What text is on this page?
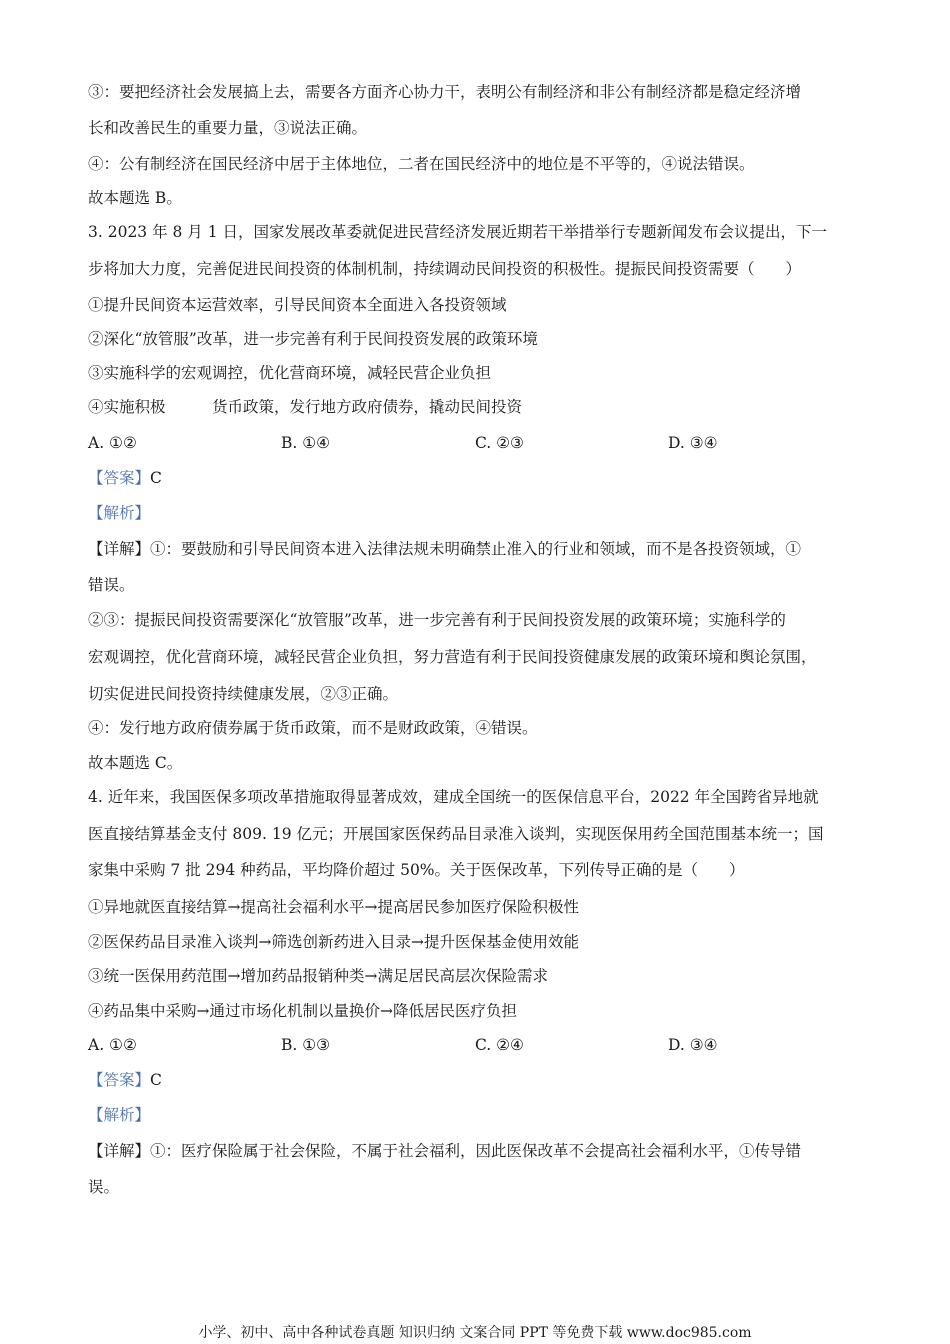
③：要把经济社会发展搞上去，需要各方面齐心协力干，表明公有制经济和非公有制经济都是稳定经济增
长和改善民生的重要力量，③说法正确。
④：公有制经济在国民经济中居于主体地位，二者在国民经济中的地位是不平等的，④说法错误。
故本题选 B。
3. 2023 年 8 月 1 日，国家发展改革委就促进民营经济发展近期若干举措举行专题新闻发布会议提出，下一
步将加大力度，完善促进民间投资的体制机制，持续调动民间投资的积极性。提振民间投资需要（　　）
①提升民间资本运营效率，引导民间资本全面进入各投资领域
②深化“放管服”改革，进一步完善有利于民间投资发展的政策环境
③实施科学的宏观调控，优化营商环境，减轻民营企业负担
④实施积极　　　货币政策，发行地方政府债券，撬动民间投资
A. ①②	B. ①④	C. ②③	D. ③④
【答案】C
【解析】
【详解】①：要鼓励和引导民间资本进入法律法规未明确禁止准入的行业和领域，而不是各投资领域，①
错误。
②③：提振民间投资需要深化“放管服”改革，进一步完善有利于民间投资发展的政策环境；实施科学的
宏观调控，优化营商环境，减轻民营企业负担，努力营造有利于民间投资健康发展的政策环境和舆论氛围，
切实促进民间投资持续健康发展，②③正确。
④：发行地方政府债券属于货币政策，而不是财政政策，④错误。
故本题选 C。
4. 近年来，我国医保多项改革措施取得显著成效，建成全国统一的医保信息平台，2022 年全国跨省异地就
医直接结算基金支付 809. 19 亿元；开展国家医保药品目录准入谈判，实现医保用药全国范围基本统一；国
家集中采购 7 批 294 种药品，平均降价超过 50%。关于医保改革，下列传导正确的是（　　）
①异地就医直接结算→提高社会福利水平→提高居民参加医疗保险积极性
②医保药品目录准入谈判→筛选创新药进入目录→提升医保基金使用效能
③统一医保用药范围→增加药品报销种类→满足居民高层次保险需求
④药品集中采购→通过市场化机制以量换价→降低居民医疗负担
A. ①②	B. ①③	C. ②④	D. ③④
【答案】C
【解析】
【详解】①：医疗保险属于社会保险，不属于社会福利，因此医保改革不会提高社会福利水平，①传导错
误。
小学、初中、高中各种试卷真题 知识归纳 文案合同 PPT 等免费下载 www.doc985.com
